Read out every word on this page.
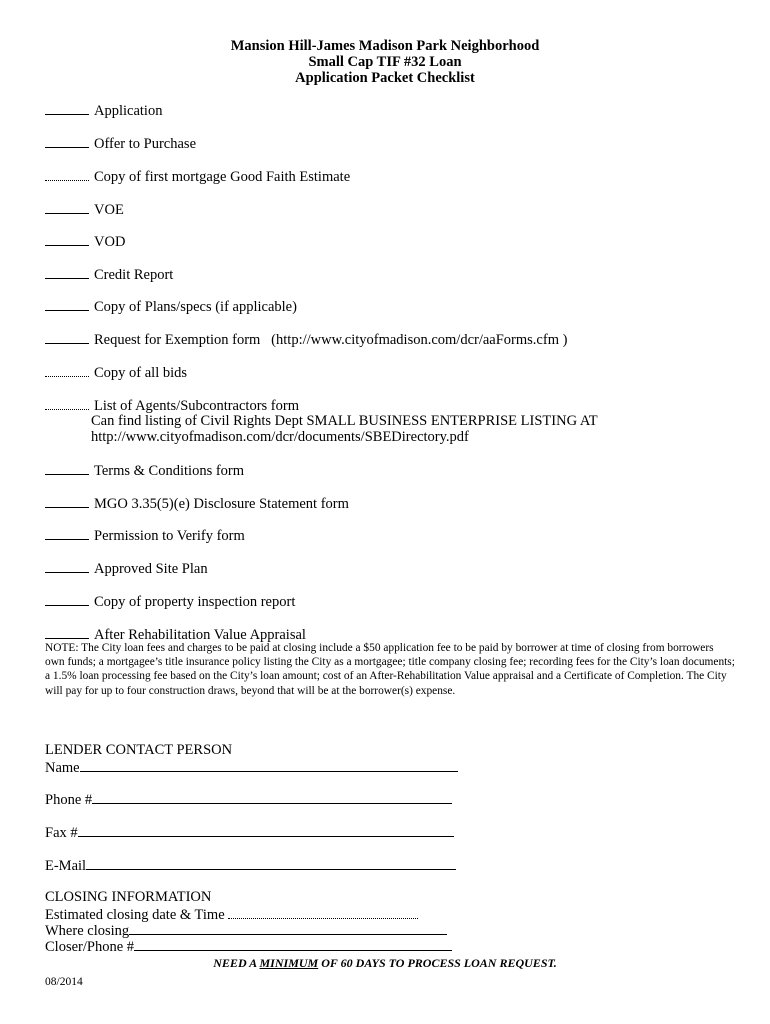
Mansion Hill-James Madison Park Neighborhood
Small Cap TIF #32 Loan
Application Packet Checklist
Application
Offer to Purchase
Copy of first mortgage Good Faith Estimate
VOE
VOD
Credit Report
Copy of Plans/specs (if applicable)
Request for Exemption form   (http://www.cityofmadison.com/dcr/aaForms.cfm )
Copy of all bids
List of Agents/Subcontractors form
Can find listing of Civil Rights Dept SMALL BUSINESS ENTERPRISE LISTING AT
http://www.cityofmadison.com/dcr/documents/SBEDirectory.pdf
Terms & Conditions form
MGO 3.35(5)(e) Disclosure Statement form
Permission to Verify form
Approved Site Plan
Copy of property inspection report
After Rehabilitation Value Appraisal
NOTE: The City loan fees and charges to be paid at closing include a $50 application fee to be paid by borrower at time of closing from borrowers own funds; a mortgagee’s title insurance policy listing the City as a mortgagee; title company closing fee; recording fees for the City’s loan documents; a 1.5% loan processing fee based on the City’s loan amount; cost of an After-Rehabilitation Value appraisal and a Certificate of Completion. The City will pay for up to four construction draws, beyond that will be at the borrower(s) expense.
LENDER CONTACT PERSON
Name
Phone #
Fax #
E-Mail
CLOSING INFORMATION
Estimated closing date & Time
Where closing
Closer/Phone #
NEED A MINIMUM OF 60 DAYS TO PROCESS LOAN REQUEST.
08/2014
